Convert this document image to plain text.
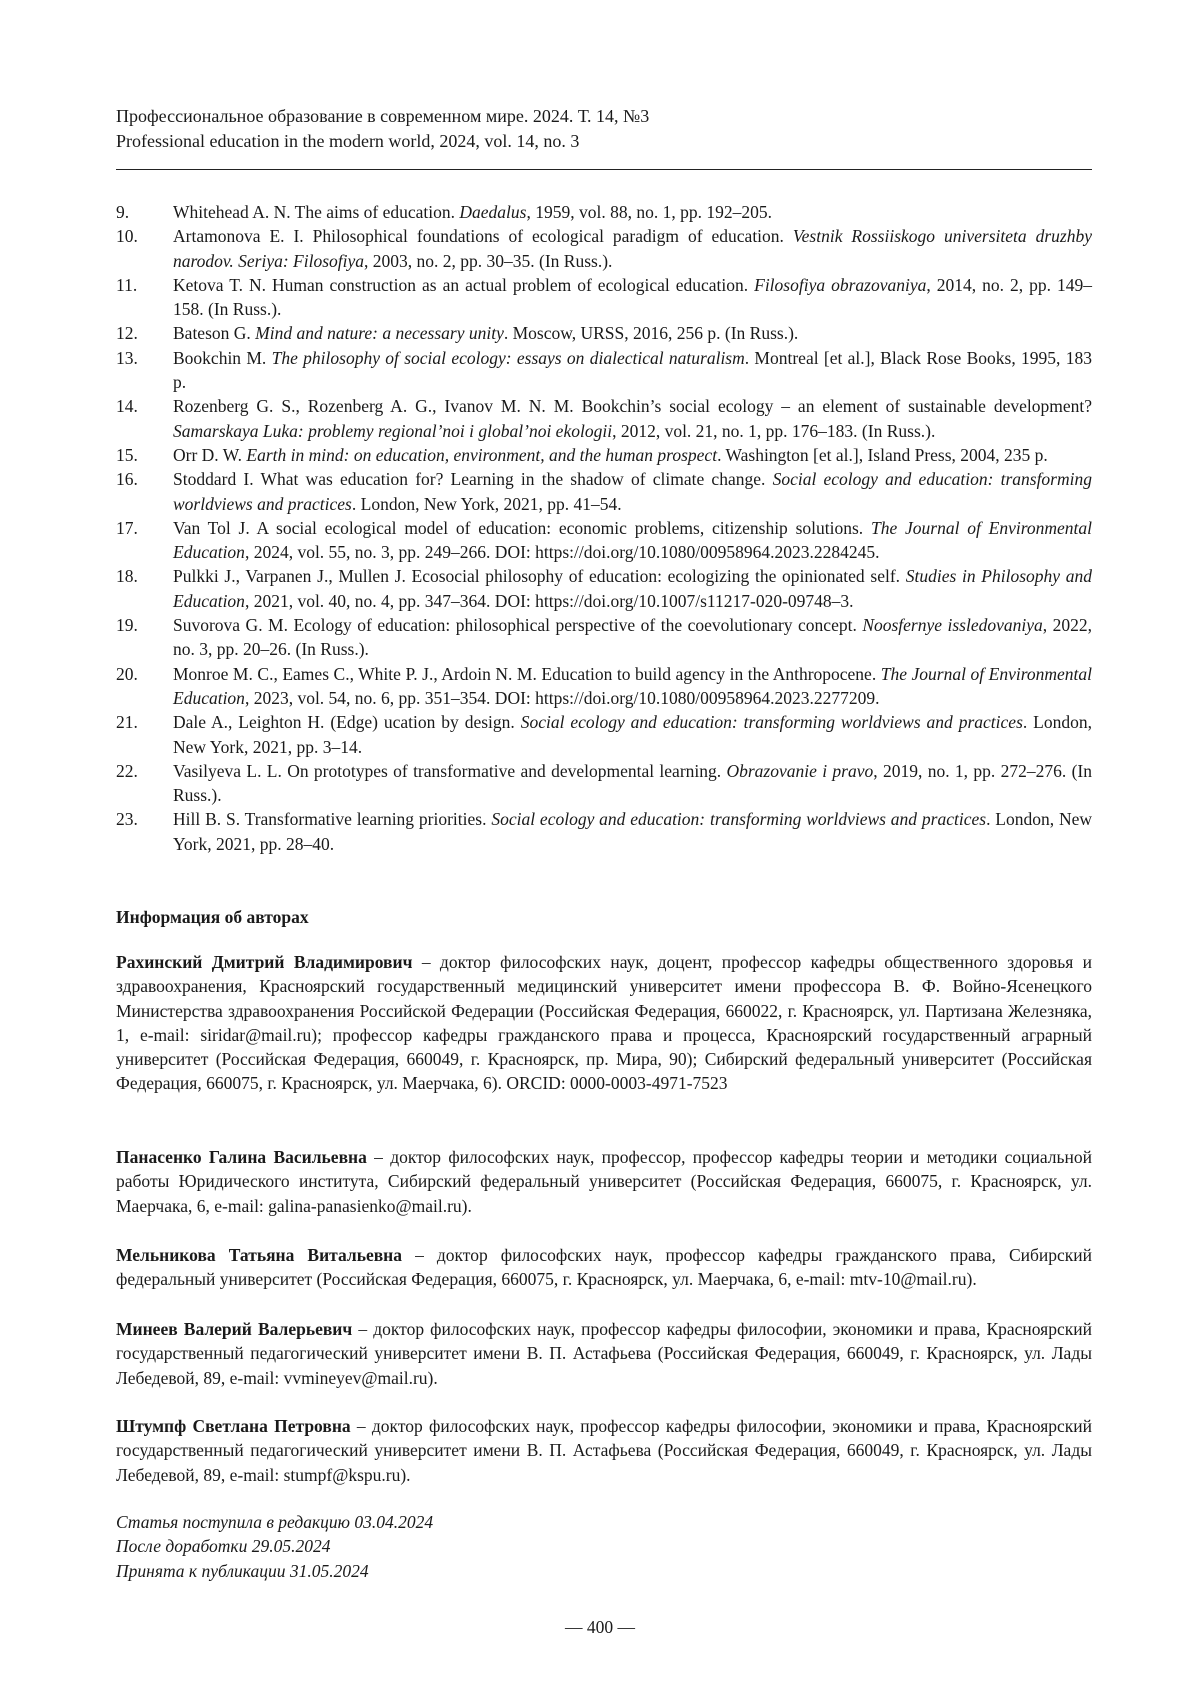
Профессиональное образование в современном мире. 2024. Т. 14, №3
Professional education in the modern world, 2024, vol. 14, no. 3
9.	Whitehead A. N. The aims of education. Daedalus, 1959, vol. 88, no. 1, pp. 192–205.
10.	Artamonova E. I. Philosophical foundations of ecological paradigm of education. Vestnik Rossiiskogo universiteta druzhby narodov. Seriya: Filosofiya, 2003, no. 2, pp. 30–35. (In Russ.).
11.	Ketova T. N. Human construction as an actual problem of ecological education. Filosofiya obrazovaniya, 2014, no. 2, pp. 149–158. (In Russ.).
12.	Bateson G. Mind and nature: a necessary unity. Moscow, URSS, 2016, 256 p. (In Russ.).
13.	Bookchin M. The philosophy of social ecology: essays on dialectical naturalism. Montreal [et al.], Black Rose Books, 1995, 183 p.
14.	Rozenberg G. S., Rozenberg A. G., Ivanov M. N. M. Bookchin’s social ecology – an element of sustainable development? Samarskaya Luka: problemy regional’noi i global’noi ekologii, 2012, vol. 21, no. 1, pp. 176–183. (In Russ.).
15.	Orr D. W. Earth in mind: on education, environment, and the human prospect. Washington [et al.], Island Press, 2004, 235 p.
16.	Stoddard I. What was education for? Learning in the shadow of climate change. Social ecology and education: transforming worldviews and practices. London, New York, 2021, pp. 41–54.
17.	Van Tol J. A social ecological model of education: economic problems, citizenship solutions. The Journal of Environmental Education, 2024, vol. 55, no. 3, pp. 249–266. DOI: https://doi.org/10.1080/00958964.2023.2284245.
18.	Pulkki J., Varpanen J., Mullen J. Ecosocial philosophy of education: ecologizing the opinionated self. Studies in Philosophy and Education, 2021, vol. 40, no. 4, pp. 347–364. DOI: https://doi.org/10.1007/s11217-020-09748–3.
19.	Suvorova G. M. Ecology of education: philosophical perspective of the coevolutionary concept. Noosfernye issledovaniya, 2022, no. 3, pp. 20–26. (In Russ.).
20.	Monroe M. C., Eames C., White P. J., Ardoin N. M. Education to build agency in the Anthropocene. The Journal of Environmental Education, 2023, vol. 54, no. 6, pp. 351–354. DOI: https://doi.org/10.1080/00958964.2023.2277209.
21.	Dale A., Leighton H. (Edge) ucation by design. Social ecology and education: transforming worldviews and practices. London, New York, 2021, pp. 3–14.
22.	Vasilyeva L. L. On prototypes of transformative and developmental learning. Obrazovanie i pravo, 2019, no. 1, pp. 272–276. (In Russ.).
23.	Hill B. S. Transformative learning priorities. Social ecology and education: transforming worldviews and practices. London, New York, 2021, pp. 28–40.
Информация об авторах

Рахинский Дмитрий Владимирович – доктор философских наук, доцент, профессор кафедры общественного здоровья и здравоохранения, Красноярский государственный медицинский университет имени профессора В. Ф. Войно-Ясенецкого Министерства здравоохранения Российской Федерации (Российская Федерация, 660022, г. Красноярск, ул. Партизана Железняка, 1, e-mail: siridar@mail.ru); профессор кафедры гражданского права и процесса, Красноярский государственный аграрный университет (Российская Федерация, 660049, г. Красноярск, пр. Мира, 90); Сибирский федеральный университет (Российская Федерация, 660075, г. Красноярск, ул. Маерчака, 6). ORCID: 0000-0003-4971-7523

Панасенко Галина Васильевна – доктор философских наук, профессор, профессор кафедры теории и методики социальной работы Юридического института, Сибирский федеральный университет (Российская Федерация, 660075, г. Красноярск, ул. Маерчака, 6, e-mail: galina-panasienko@mail.ru).

Мельникова Татьяна Витальевна – доктор философских наук, профессор кафедры гражданского права, Сибирский федеральный университет (Российская Федерация, 660075, г. Красноярск, ул. Маерчака, 6, e-mail: mtv-10@mail.ru).

Минеев Валерий Валерьевич – доктор философских наук, профессор кафедры философии, экономики и права, Красноярский государственный педагогический университет имени В. П. Астафьева (Российская Федерация, 660049, г. Красноярск, ул. Лады Лебедевой, 89, e-mail: vvmineyev@mail.ru).

Штумпф Светлана Петровна – доктор философских наук, профессор кафедры философии, экономики и права, Красноярский государственный педагогический университет имени В. П. Астафьева (Российская Федерация, 660049, г. Красноярск, ул. Лады Лебедевой, 89, e-mail: stumpf@kspu.ru).

Статья поступила в редакцию 03.04.2024
После доработки 29.05.2024
Принята к публикации 31.05.2024
— 400 —
